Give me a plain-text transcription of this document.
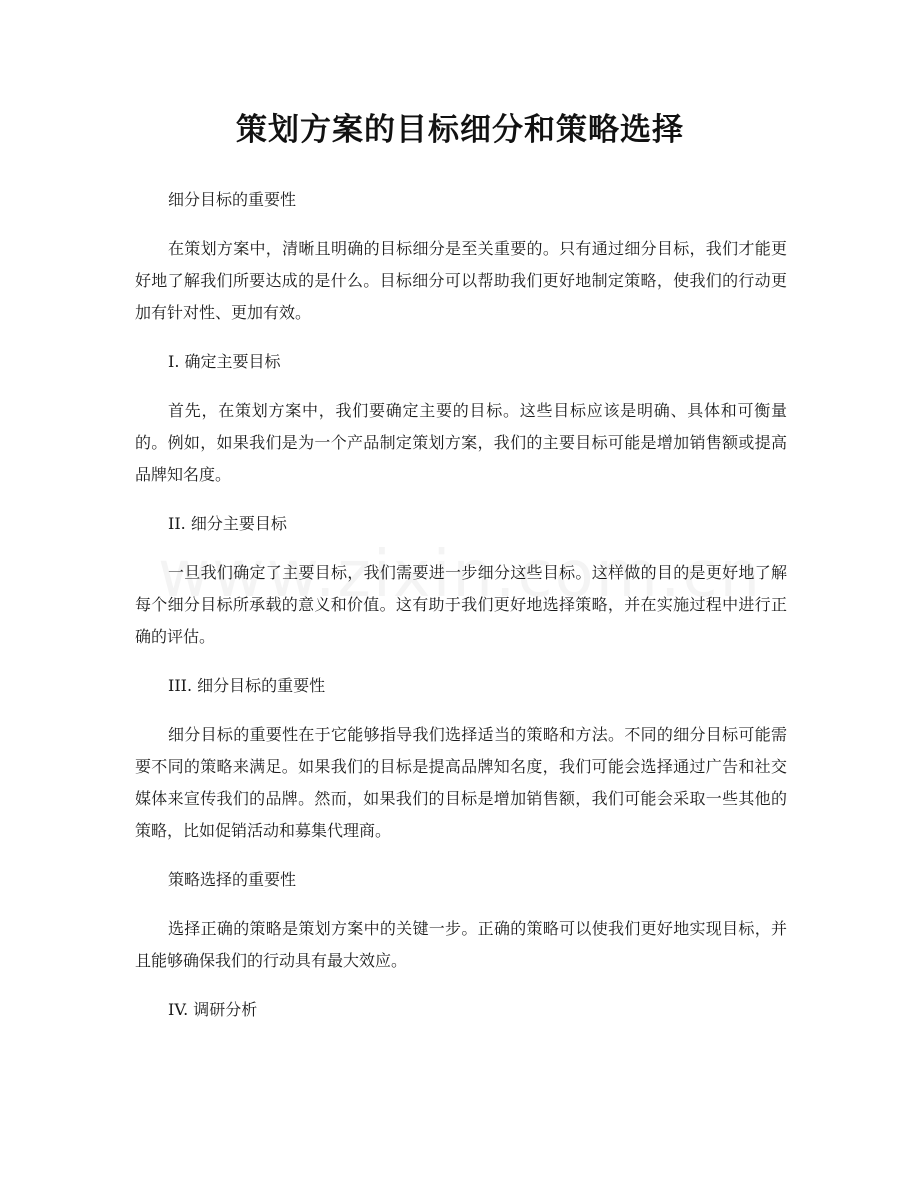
策划方案的目标细分和策略选择

细分目标的重要性

在策划方案中，清晰且明确的目标细分是至关重要的。只有通过细分目标，我们才能更好地了解我们所要达成的是什么。目标细分可以帮助我们更好地制定策略，使我们的行动更加有针对性、更加有效。

I. 确定主要目标

首先，在策划方案中，我们要确定主要的目标。这些目标应该是明确、具体和可衡量的。例如，如果我们是为一个产品制定策划方案，我们的主要目标可能是增加销售额或提高品牌知名度。

II. 细分主要目标

一旦我们确定了主要目标，我们需要进一步细分这些目标。这样做的目的是更好地了解每个细分目标所承载的意义和价值。这有助于我们更好地选择策略，并在实施过程中进行正确的评估。

III. 细分目标的重要性

细分目标的重要性在于它能够指导我们选择适当的策略和方法。不同的细分目标可能需要不同的策略来满足。如果我们的目标是提高品牌知名度，我们可能会选择通过广告和社交媒体来宣传我们的品牌。然而，如果我们的目标是增加销售额，我们可能会采取一些其他的策略，比如促销活动和募集代理商。

策略选择的重要性

选择正确的策略是策划方案中的关键一步。正确的策略可以使我们更好地实现目标，并且能够确保我们的行动具有最大效应。

IV. 调研分析
